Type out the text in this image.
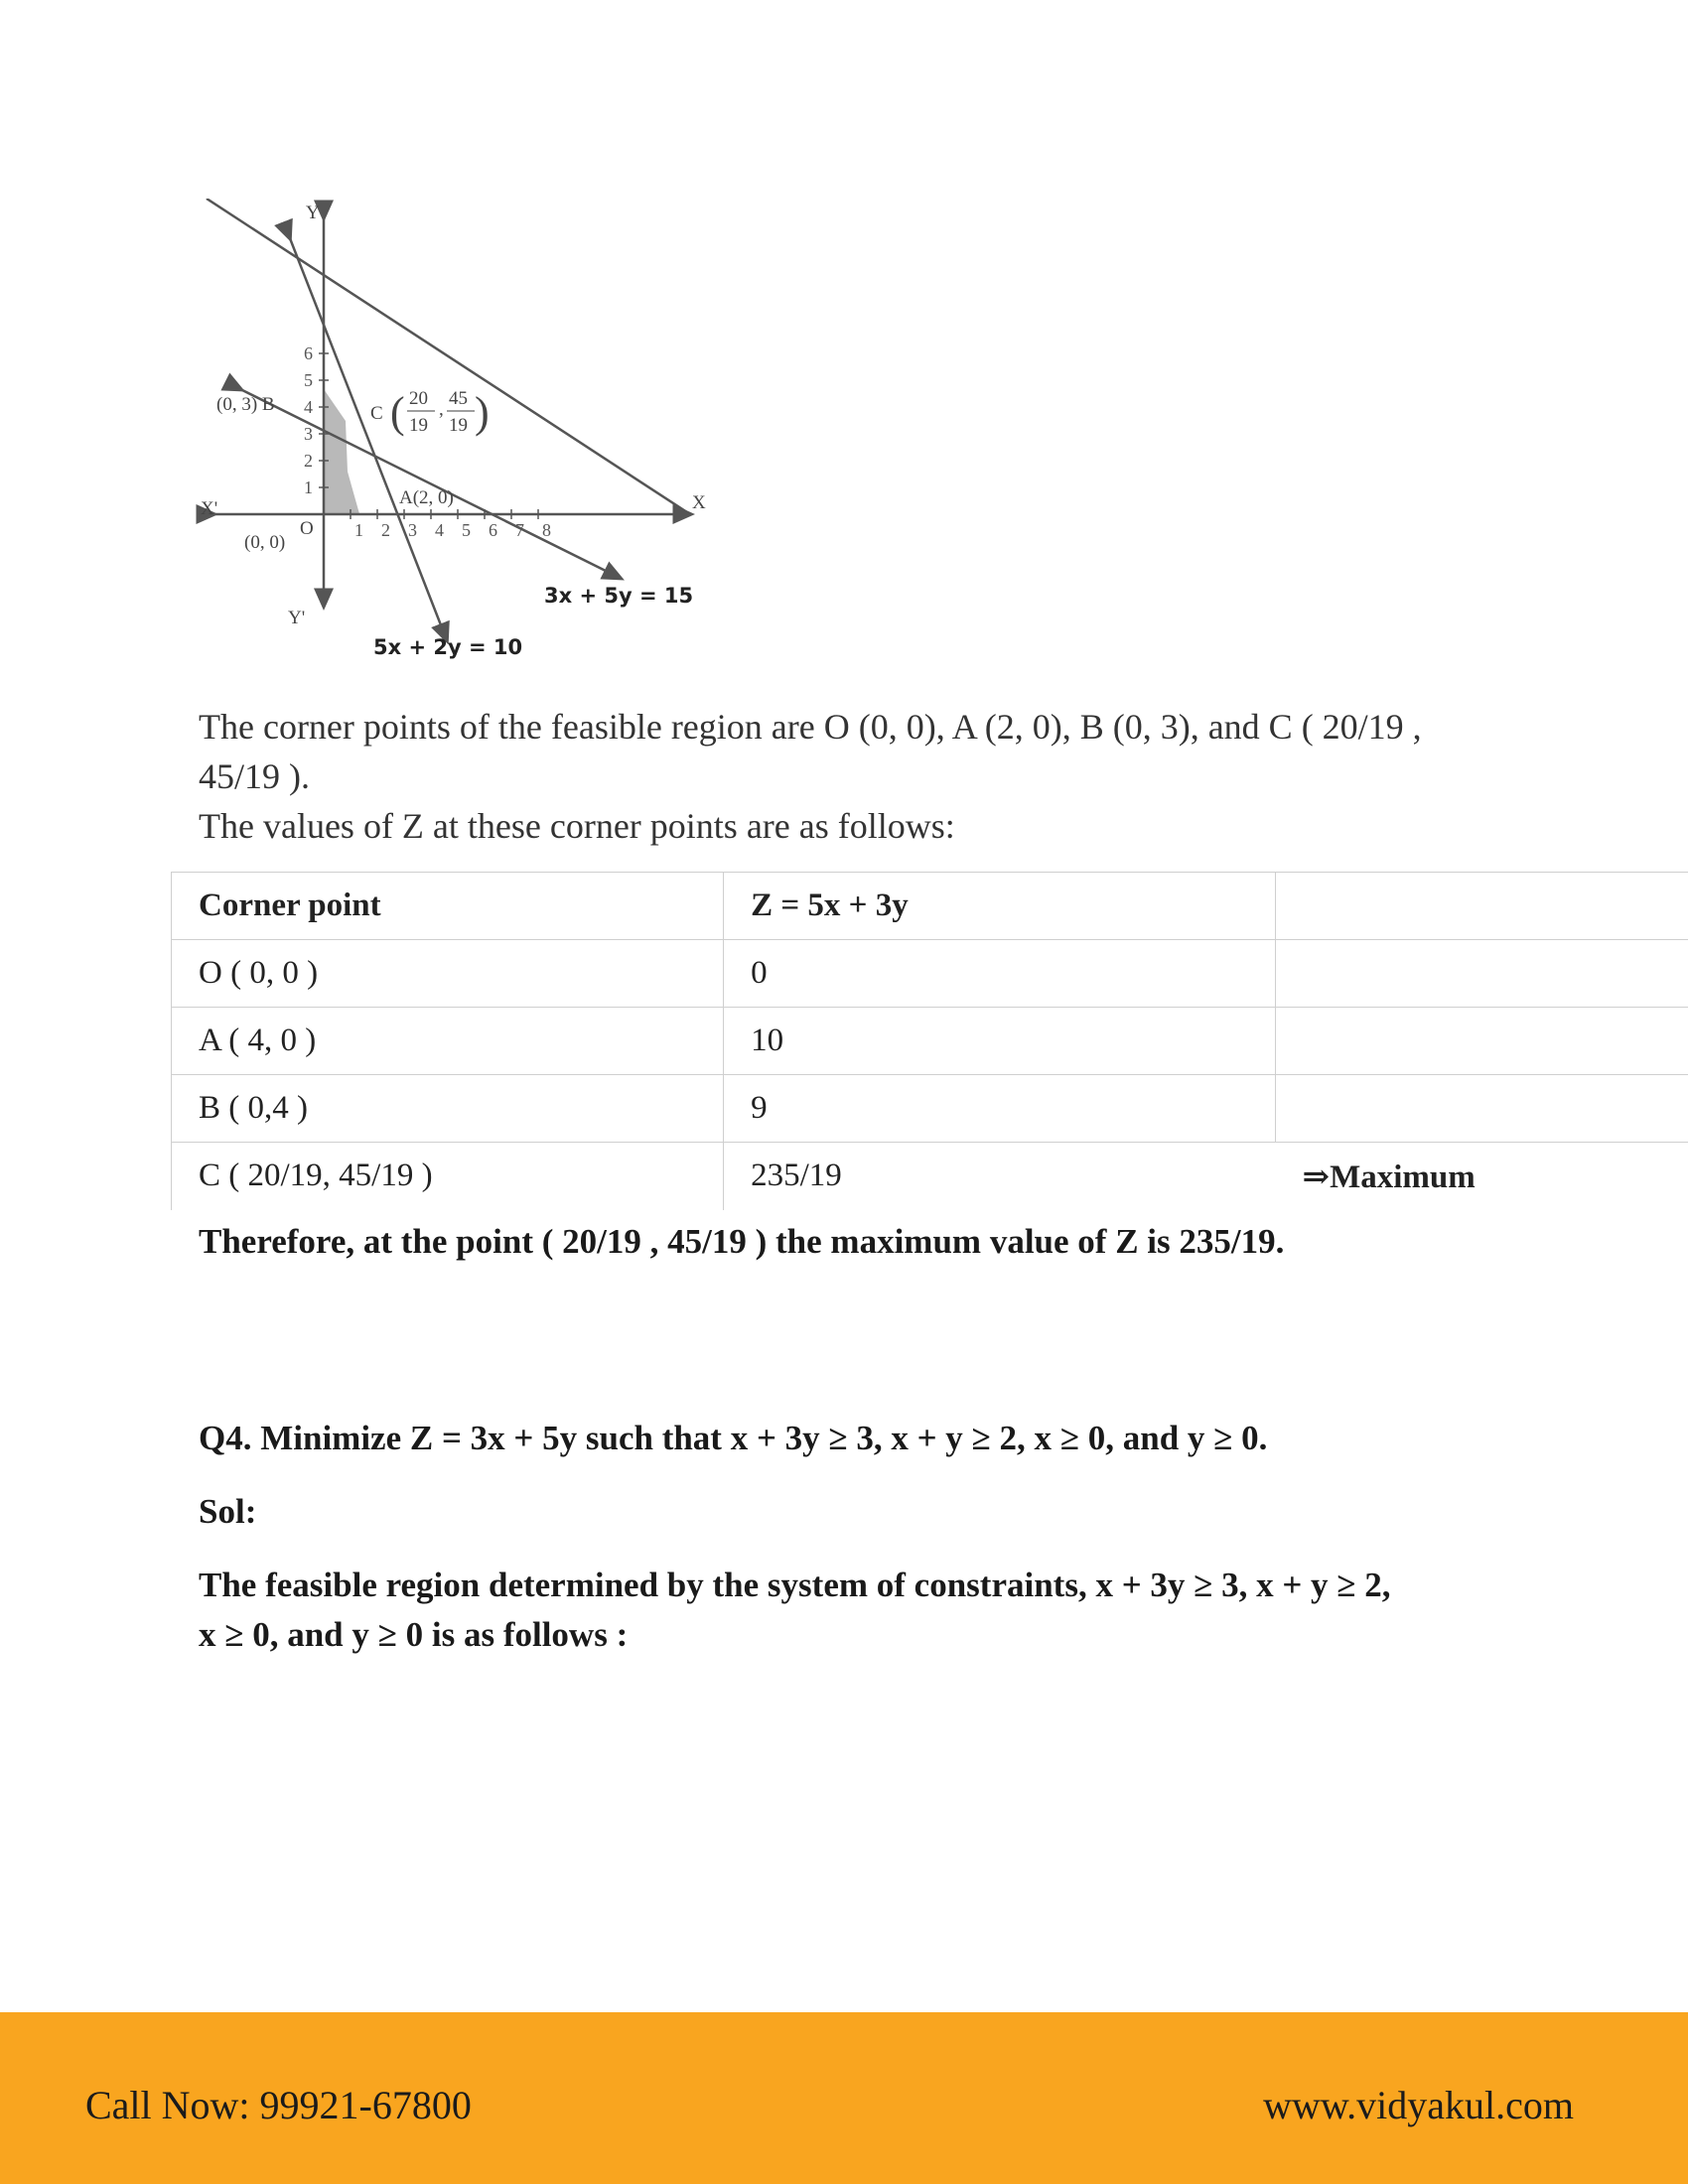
1 2 3 4 5 6 7 8
1
2
3
4
5
6
Y
Y'
X
X'
O
(0, 0)
(0, 3) B	C ( 20
19
,
45
19 )
A(2, 0)
3x + 5y = 15
5x + 2y = 10
The corner points of the feasible region are O (0, 0), A (2, 0), B (0, 3), and C ( 20/19 ,
45/19 ).
The values of Z at these corner points are as follows:
Corner point	Z = 5x + 3y	
O ( 0, 0 )	0	
A ( 4, 0 )	10	
B ( 0,4 )	9	
C ( 20/19, 45/19 )	235/19	⇒Maximum
Therefore, at the point ( 20/19 , 45/19 ) the maximum value of Z is 235/19.
Q4. Minimize Z = 3x + 5y such that x + 3y ≥ 3, x + y ≥ 2, x ≥ 0, and y ≥ 0.
Sol:
The feasible region determined by the system of constraints, x + 3y ≥ 3, x + y ≥ 2,
x ≥ 0, and y ≥ 0 is as follows :
Call Now: 99921-67800	www.vidyakul.com
